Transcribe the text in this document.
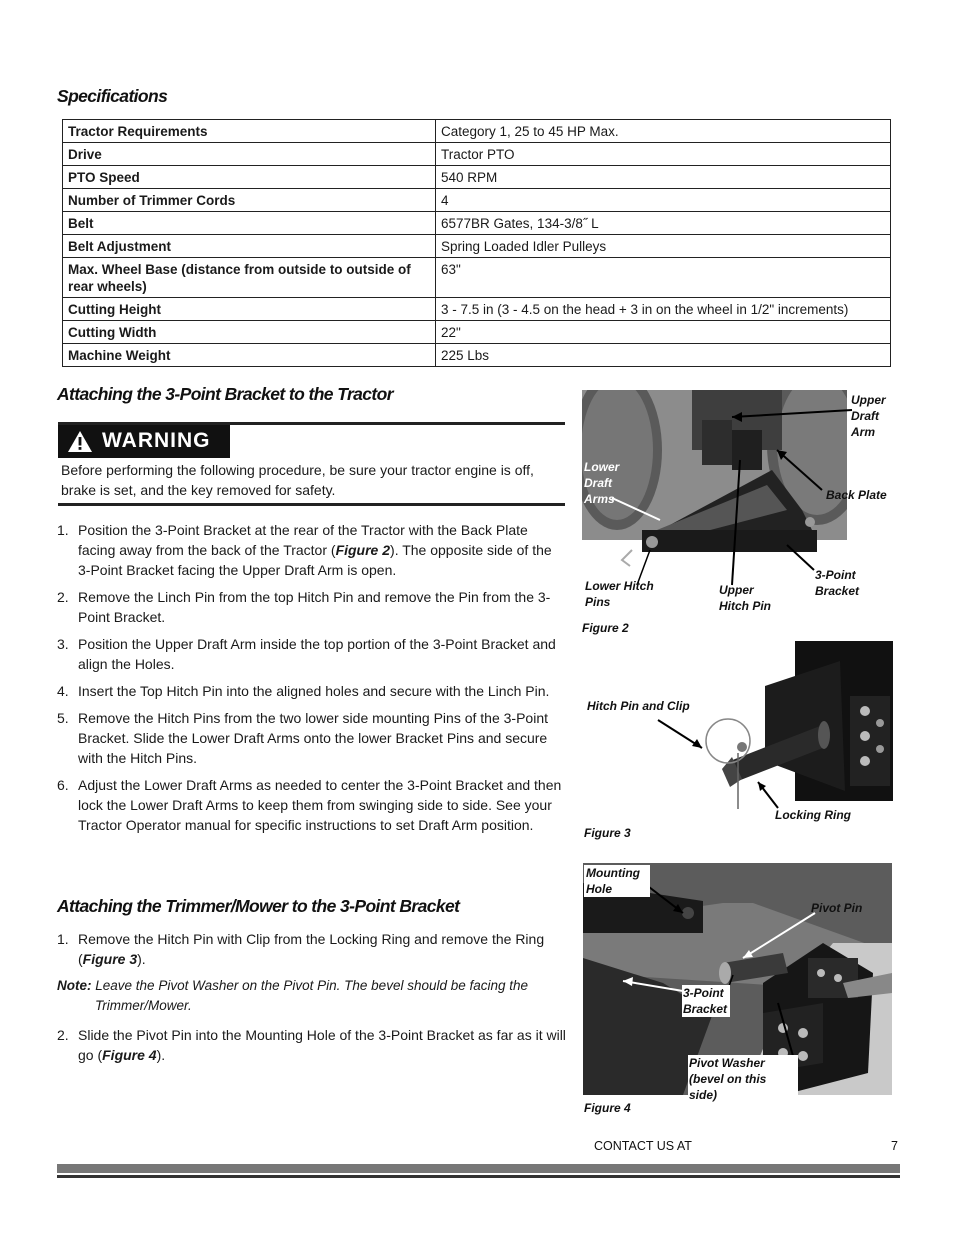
Specifications
Tractor Requirements	Category 1, 25 to 45 HP Max.
Drive	Tractor PTO
PTO Speed	540 RPM
Number of Trimmer Cords	4
Belt	6577BR Gates, 134-3/8˝ L
Belt Adjustment	Spring Loaded Idler Pulleys
Max. Wheel Base (distance from outside to outside of rear wheels)	63"
Cutting Height	3 - 7.5 in (3 - 4.5 on the head + 3 in on the wheel in 1/2" increments)
Cutting Width	22"
Machine Weight	225 Lbs
Attaching the 3-Point Bracket to the Tractor
WARNING
Before performing the following procedure, be sure your tractor engine is off, brake is set, and the key removed for safety.
1. Position the 3-Point Bracket at the rear of the Tractor with the Back Plate facing away from the back of the Tractor (Figure 2). The opposite side of the 3-Point Bracket facing the Upper Draft Arm is open.
2. Remove the Linch Pin from the top Hitch Pin and remove the Pin from the 3-Point Bracket.
3. Position the Upper Draft Arm inside the top portion of the 3-Point Bracket and align the Holes.
4. Insert the Top Hitch Pin into the aligned holes and secure with the Linch Pin.
5. Remove the Hitch Pins from the two lower side mounting Pins of the 3-Point Bracket. Slide the Lower Draft Arms onto the lower Bracket Pins and secure with the Hitch Pins.
6. Adjust the Lower Draft Arms as needed to center the 3-Point Bracket and then lock the Lower Draft Arms to keep them from swinging side to side. See your Tractor Operator manual for specific instructions to set Draft Arm position.
Attaching the Trimmer/Mower to the 3-Point Bracket
1. Remove the Hitch Pin with Clip from the Locking Ring and remove the Ring (Figure 3).
Note: Leave the Pivot Washer on the Pivot Pin. The bevel should be facing the Trimmer/Mower.
2. Slide the Pivot Pin into the Mounting Hole of the 3-Point Bracket as far as it will go (Figure 4).
Upper Draft Arm
Lower Draft Arms	Back Plate
3-Point Bracket
Lower Hitch Pins
Upper Hitch Pin
Figure 2
Hitch Pin and Clip
Locking Ring
Figure 3
Mounting Hole
Pivot Pin
3-Point Bracket
Pivot Washer (bevel on this side)
Figure 4
CONTACT US AT	7
